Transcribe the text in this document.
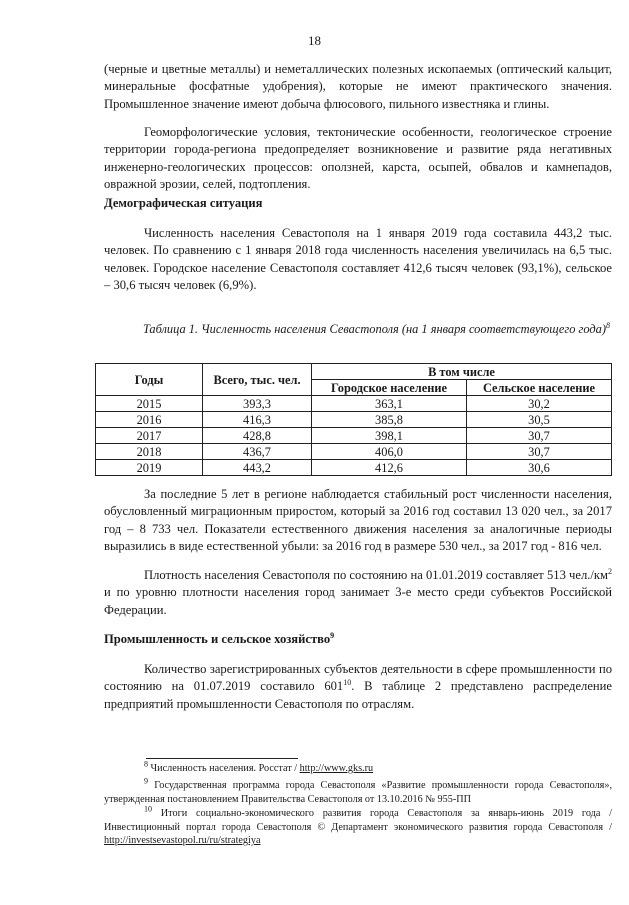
18

(черные и цветные металлы) и неметаллических полезных ископаемых (оптический кальцит, минеральные фосфатные удобрения), которые не имеют практического значения. Промышленное значение имеют добыча флюсового, пильного известняка и глины.

Геоморфологические условия, тектонические особенности, геологическое строение территории города-региона предопределяет возникновение и развитие ряда негативных инженерно-геологических процессов: оползней, карста, осыпей, обвалов и камнепадов, овражной эрозии, селей, подтопления.

Демографическая ситуация

Численность населения Севастополя на 1 января 2019 года составила 443,2 тыс. человек. По сравнению с 1 января 2018 года численность населения увеличилась на 6,5 тыс. человек. Городское население Севастополя составляет 412,6 тысяч человек (93,1%), сельское – 30,6 тысяч человек (6,9%).

Таблица 1. Численность населения Севастополя (на 1 января соответствующего года)$^8$

Годы	Всего, тыс. чел.	В том числе	
		Городское население	Сельское население
2015	393,3	363,1	30,2
2016	416,3	385,8	30,5
2017	428,8	398,1	30,7
2018	436,7	406,0	30,7
2019	443,2	412,6	30,6

За последние 5 лет в регионе наблюдается стабильный рост численности населения, обусловленный миграционным приростом, который за 2016 год составил 13 020 чел., за 2017 год – 8 733 чел. Показатели естественного движения населения за аналогичные периоды выразились в виде естественной убыли: за 2016 год в размере 530 чел., за 2017 год - 816 чел.

Плотность населения Севастополя по состоянию на 01.01.2019 составляет 513 $чел./км^2$ и по уровню плотности населения город занимает 3-е место среди субъектов Российской Федерации.

Промышленность и сельское хозяйство$^9$

Количество зарегистрированных субъектов деятельности в сфере промышленности по состоянию на 01.07.2019 составило $601^{10}$. В таблице 2 представлено распределение предприятий промышленности Севастополя по отраслям.

$^8$ Численность населения. Росстат / http://www.gks.ru

$^9$ Государственная программа города Севастополя «Развитие промышленности города Севастополя», утвержденная постановлением Правительства Севастополя от 13.10.2016 № 955-ПП

$^{10}$ Итоги социально-экономического развития города Севастополя за январь-июнь 2019 года / Инвестиционный портал города Севастополя © Департамент экономического развития города Севастополя / http://investsevastopol.ru/ru/strategiya
